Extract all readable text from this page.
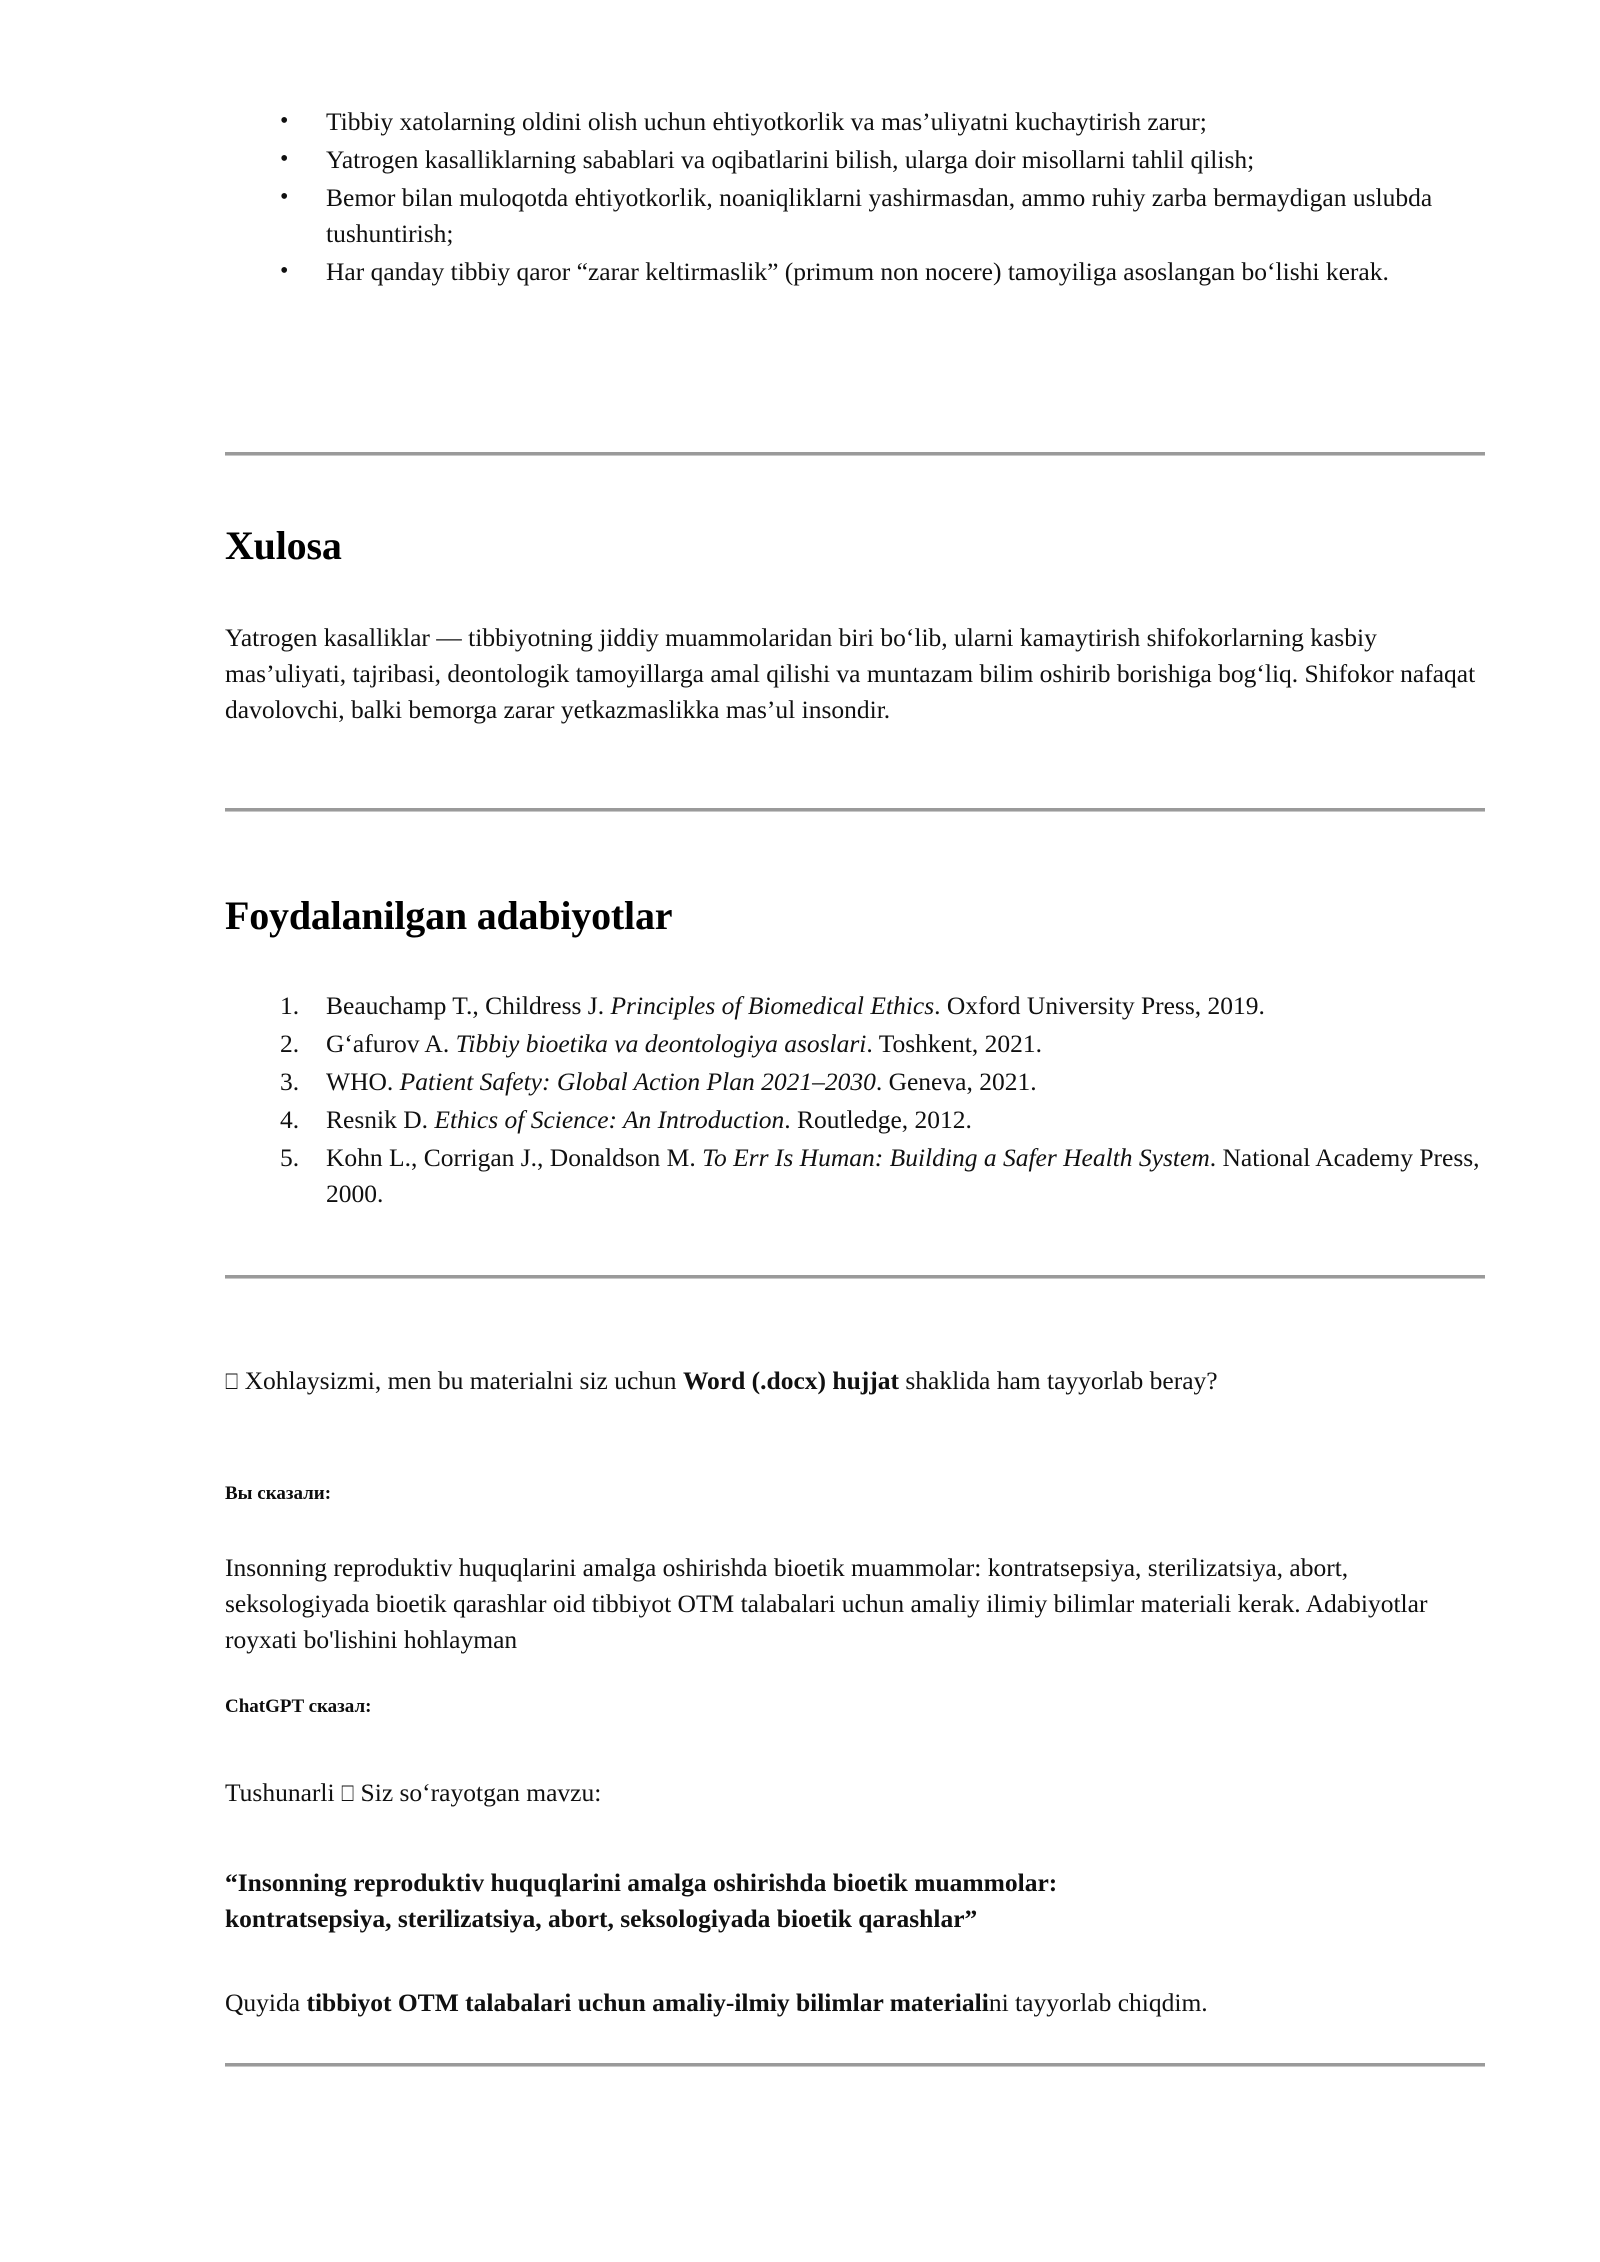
• Tibbiy xatolarning oldini olish uchun ehtiyotkorlik va mas’uliyatni kuchaytirish zarur;
• Yatrogen kasalliklarning sabablari va oqibatlarini bilish, ularga doir misollarni tahlil qilish;
• Bemor bilan muloqotda ehtiyotkorlik, noaniqliklarni yashirmasdan, ammo ruhiy zarba bermaydigan uslubda tushuntirish;
• Har qanday tibbiy qaror “zarar keltirmaslik” (primum non nocere) tamoyiliga asoslangan bo‘lishi kerak.
Xulosa

Yatrogen kasalliklar — tibbiyotning jiddiy muammolaridan biri bo‘lib, ularni kamaytirish shifokorlarning kasbiy mas’uliyati, tajribasi, deontologik tamoyillarga amal qilishi va muntazam bilim oshirib borishiga bog‘liq. Shifokor nafaqat davolovchi, balki bemorga zarar yetkazmaslikka mas’ul insondir.

Foydalanilgan adabiyotlar
Beauchamp T., Childress J. Principles of Biomedical Ethics. Oxford University Press, 2019.
G‘afurov A. Tibbiy bioetika va deontologiya asoslari. Toshkent, 2021.
WHO. Patient Safety: Global Action Plan 2021–2030. Geneva, 2021.
Resnik D. Ethics of Science: An Introduction. Routledge, 2012.
Kohn L., Corrigan J., Donaldson M. To Err Is Human: Building a Safer Health System. National Academy Press, 2000.

⎕ Xohlaysizmi, men bu materialni siz uchun Word (.docx) hujjat shaklida ham tayyorlab beray?

Вы сказали:

Insonning reproduktiv huquqlarini amalga oshirishda bioetik muammolar: kontratsepsiya, sterilizatsiya, abort, seksologiyada bioetik qarashlar oid tibbiyot OTM talabalari uchun amaliy ilimiy bilimlar materiali kerak. Adabiyotlar royxati bo'lishini hohlayman

ChatGPT сказал:

Tushunarli ⎕ Siz so‘rayotgan mavzu:

“Insonning reproduktiv huquqlarini amalga oshirishda bioetik muammolar:
kontratsepsiya, sterilizatsiya, abort, seksologiyada bioetik qarashlar”

Quyida tibbiyot OTM talabalari uchun amaliy-ilmiy bilimlar materialini tayyorlab chiqdim.
